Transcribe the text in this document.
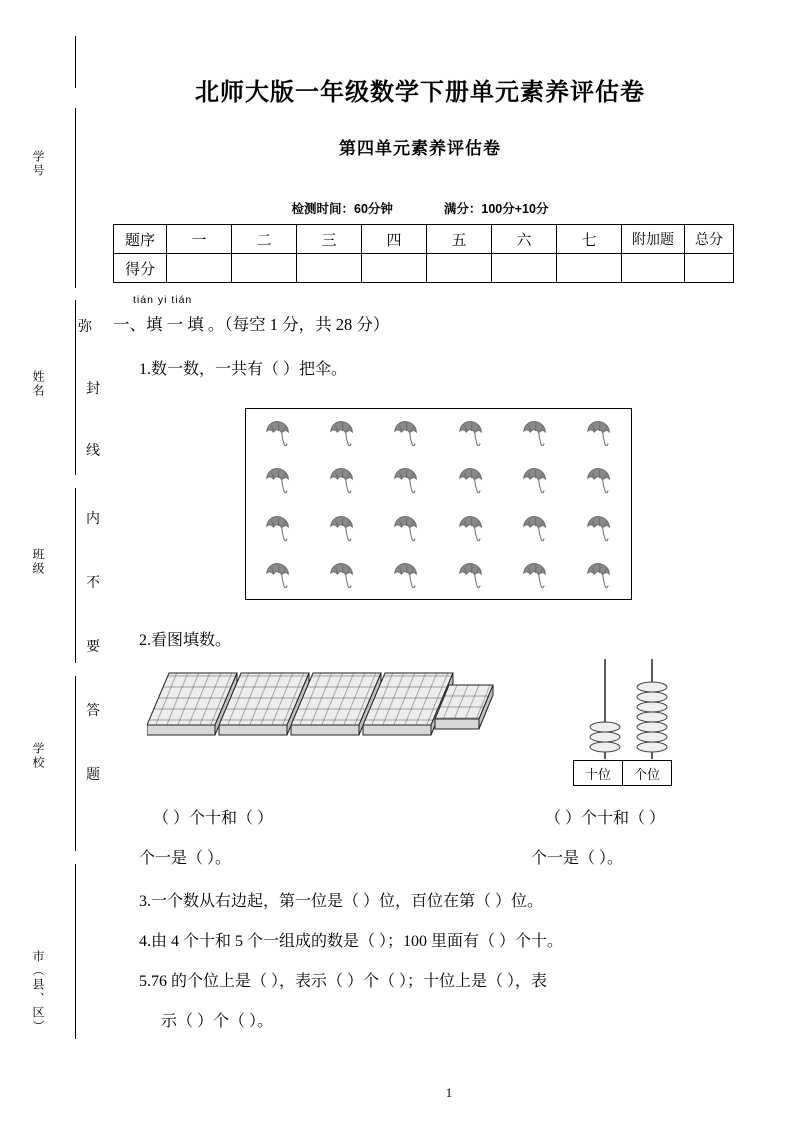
学号
姓名
班级
学校
市（县、区）
弥
封
线
内
不
要
答
题
北师大版一年级数学下册单元素养评估卷
第四单元素养评估卷
检测时间：60分钟	满分：100分+10分
题序	一	二	三	四	五	六	七	附加题	总分
得分									
tián yi tián
一、填 一 填 。（每空 1 分，共 28 分）
1.数一数，一共有（ ）把伞。
2.看图填数。
十位	个位
（ ）个十和（ ）
个一是（ ）。
（ ）个十和（ ）
个一是（ ）。
3.一个数从右边起，第一位是（ ）位，百位在第（ ）位。
4.由 4 个十和 5 个一组成的数是（ ）；100 里面有（ ）个十。
5.76 的个位上是（ ），表示（ ）个（ ）；十位上是（ ），表
示（ ）个（ ）。
1
